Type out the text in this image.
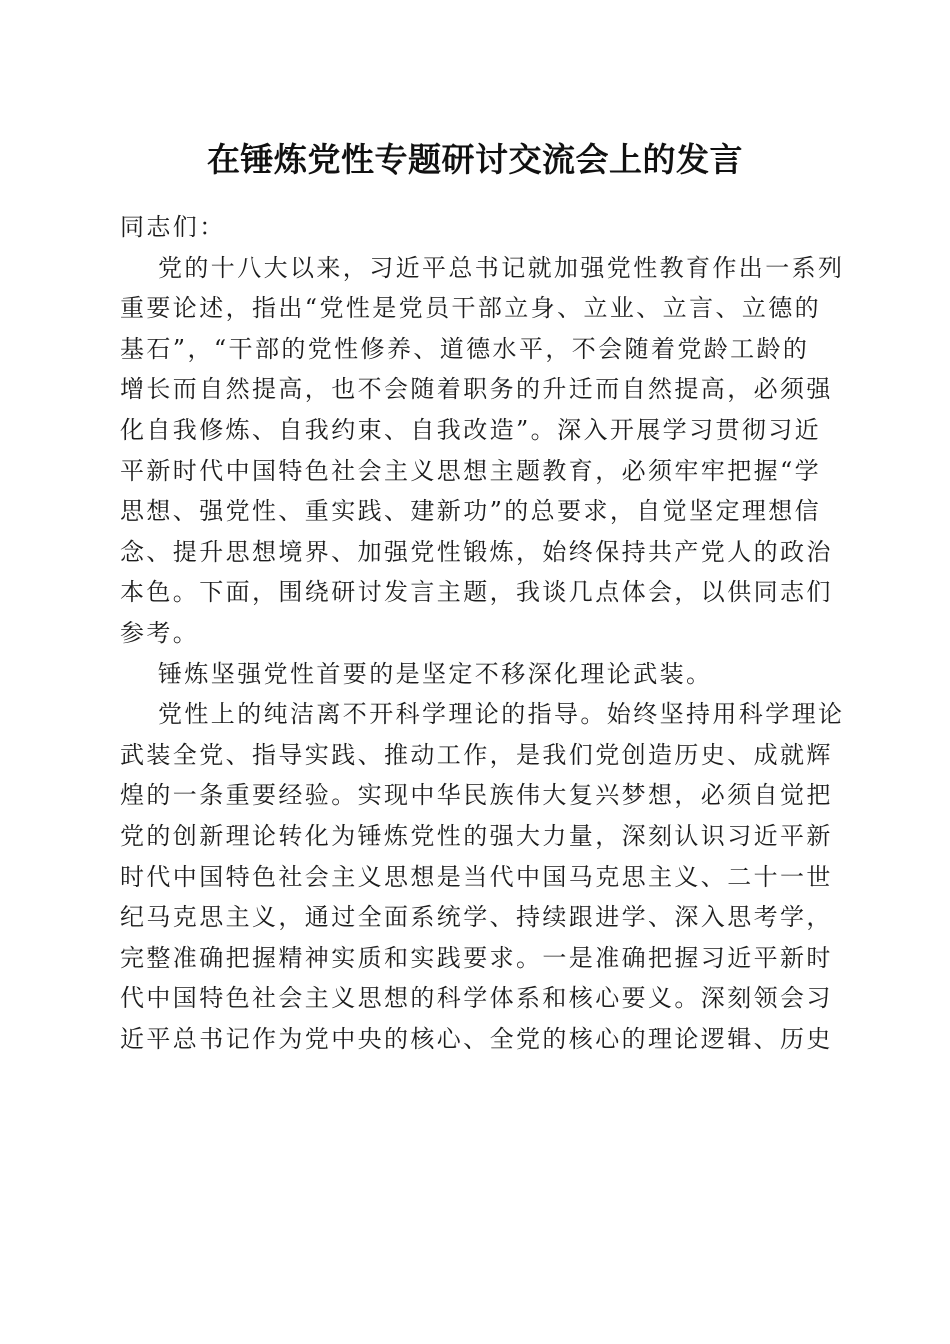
在锤炼党性专题研讨交流会上的发言
同志们：
党的十八大以来，习近平总书记就加强党性教育作出一系列
重要论述，指出“党性是党员干部立身、立业、立言、立德的
基石”，“干部的党性修养、道德水平，不会随着党龄工龄的
增长而自然提高，也不会随着职务的升迁而自然提高，必须强
化自我修炼、自我约束、自我改造”。深入开展学习贯彻习近
平新时代中国特色社会主义思想主题教育，必须牢牢把握“学
思想、强党性、重实践、建新功”的总要求，自觉坚定理想信
念、提升思想境界、加强党性锻炼，始终保持共产党人的政治
本色。下面，围绕研讨发言主题，我谈几点体会，以供同志们
参考。
锤炼坚强党性首要的是坚定不移深化理论武装。
党性上的纯洁离不开科学理论的指导。始终坚持用科学理论
武装全党、指导实践、推动工作，是我们党创造历史、成就辉
煌的一条重要经验。实现中华民族伟大复兴梦想，必须自觉把
党的创新理论转化为锤炼党性的强大力量，深刻认识习近平新
时代中国特色社会主义思想是当代中国马克思主义、二十一世
纪马克思主义，通过全面系统学、持续跟进学、深入思考学，
完整准确把握精神实质和实践要求。一是准确把握习近平新时
代中国特色社会主义思想的科学体系和核心要义。深刻领会习
近平总书记作为党中央的核心、全党的核心的理论逻辑、历史
